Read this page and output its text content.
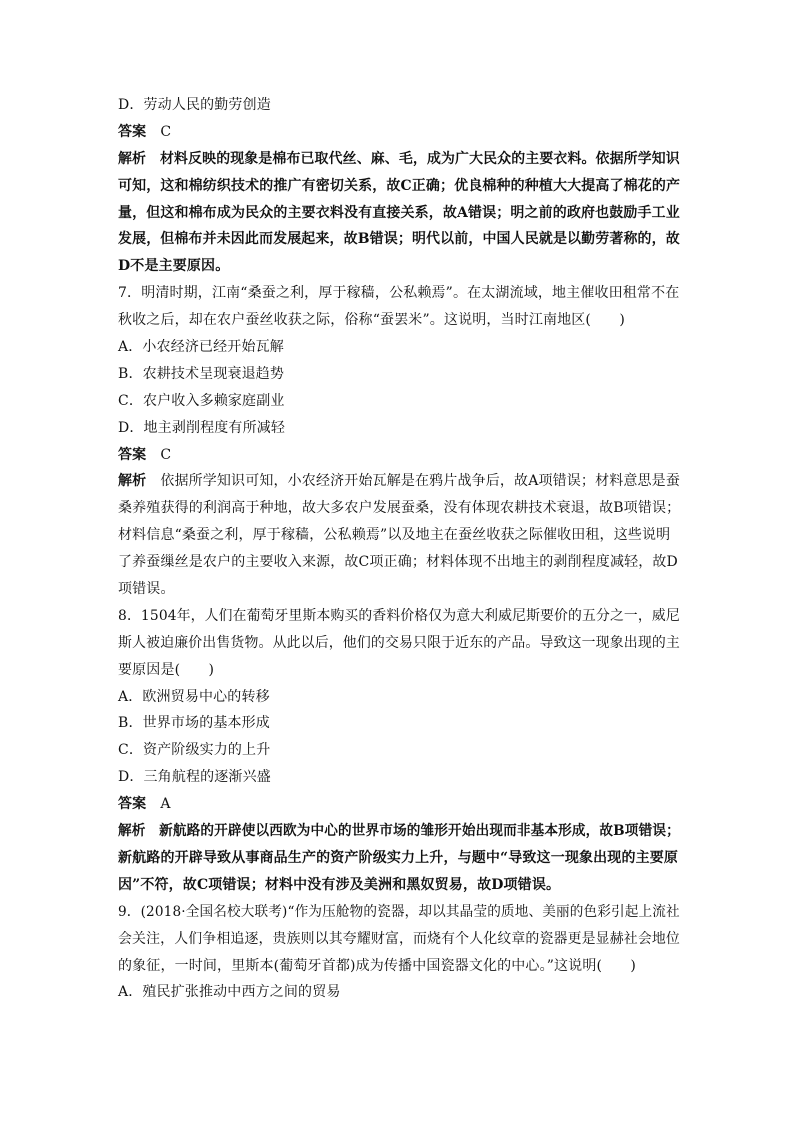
D．劳动人民的勤劳创造
答案 C
解析 材料反映的现象是棉布已取代丝、麻、毛，成为广大民众的主要衣料。依据所学知识
可知，这和棉纺织技术的推广有密切关系，故C正确；优良棉种的种植大大提高了棉花的产
量，但这和棉布成为民众的主要衣料没有直接关系，故A错误；明之前的政府也鼓励手工业
发展，但棉布并未因此而发展起来，故B错误；明代以前，中国人民就是以勤劳著称的，故
D不是主要原因。
7．明清时期，江南“桑蚕之利，厚于稼穑，公私赖焉”。在太湖流域，地主催收田租常不在
秋收之后，却在农户蚕丝收获之际，俗称“蚕罢米”。这说明，当时江南地区(　　)
A．小农经济已经开始瓦解
B．农耕技术呈现衰退趋势
C．农户收入多赖家庭副业
D．地主剥削程度有所减轻
答案 C
解析 依据所学知识可知，小农经济开始瓦解是在鸦片战争后，故A项错误；材料意思是蚕
桑养殖获得的利润高于种地，故大多农户发展蚕桑，没有体现农耕技术衰退，故B项错误；
材料信息“桑蚕之利，厚于稼穑，公私赖焉”以及地主在蚕丝收获之际催收田租，这些说明
了养蚕缫丝是农户的主要收入来源，故C项正确；材料体现不出地主的剥削程度减轻，故D
项错误。
8．1504年，人们在葡萄牙里斯本购买的香料价格仅为意大利威尼斯要价的五分之一，威尼
斯人被迫廉价出售货物。从此以后，他们的交易只限于近东的产品。导致这一现象出现的主
要原因是(　　)
A．欧洲贸易中心的转移
B．世界市场的基本形成
C．资产阶级实力的上升
D．三角航程的逐渐兴盛
答案 A
解析 新航路的开辟使以西欧为中心的世界市场的雏形开始出现而非基本形成，故B项错误；
新航路的开辟导致从事商品生产的资产阶级实力上升，与题中“导致这一现象出现的主要原
因”不符，故C项错误；材料中没有涉及美洲和黑奴贸易，故D项错误。
9．(2018·全国名校大联考)“作为压舱物的瓷器，却以其晶莹的质地、美丽的色彩引起上流社
会关注，人们争相追逐，贵族则以其夸耀财富，而烧有个人化纹章的瓷器更是显赫社会地位
的象征，一时间，里斯本(葡萄牙首都)成为传播中国瓷器文化的中心。”这说明(　　)
A．殖民扩张推动中西方之间的贸易
